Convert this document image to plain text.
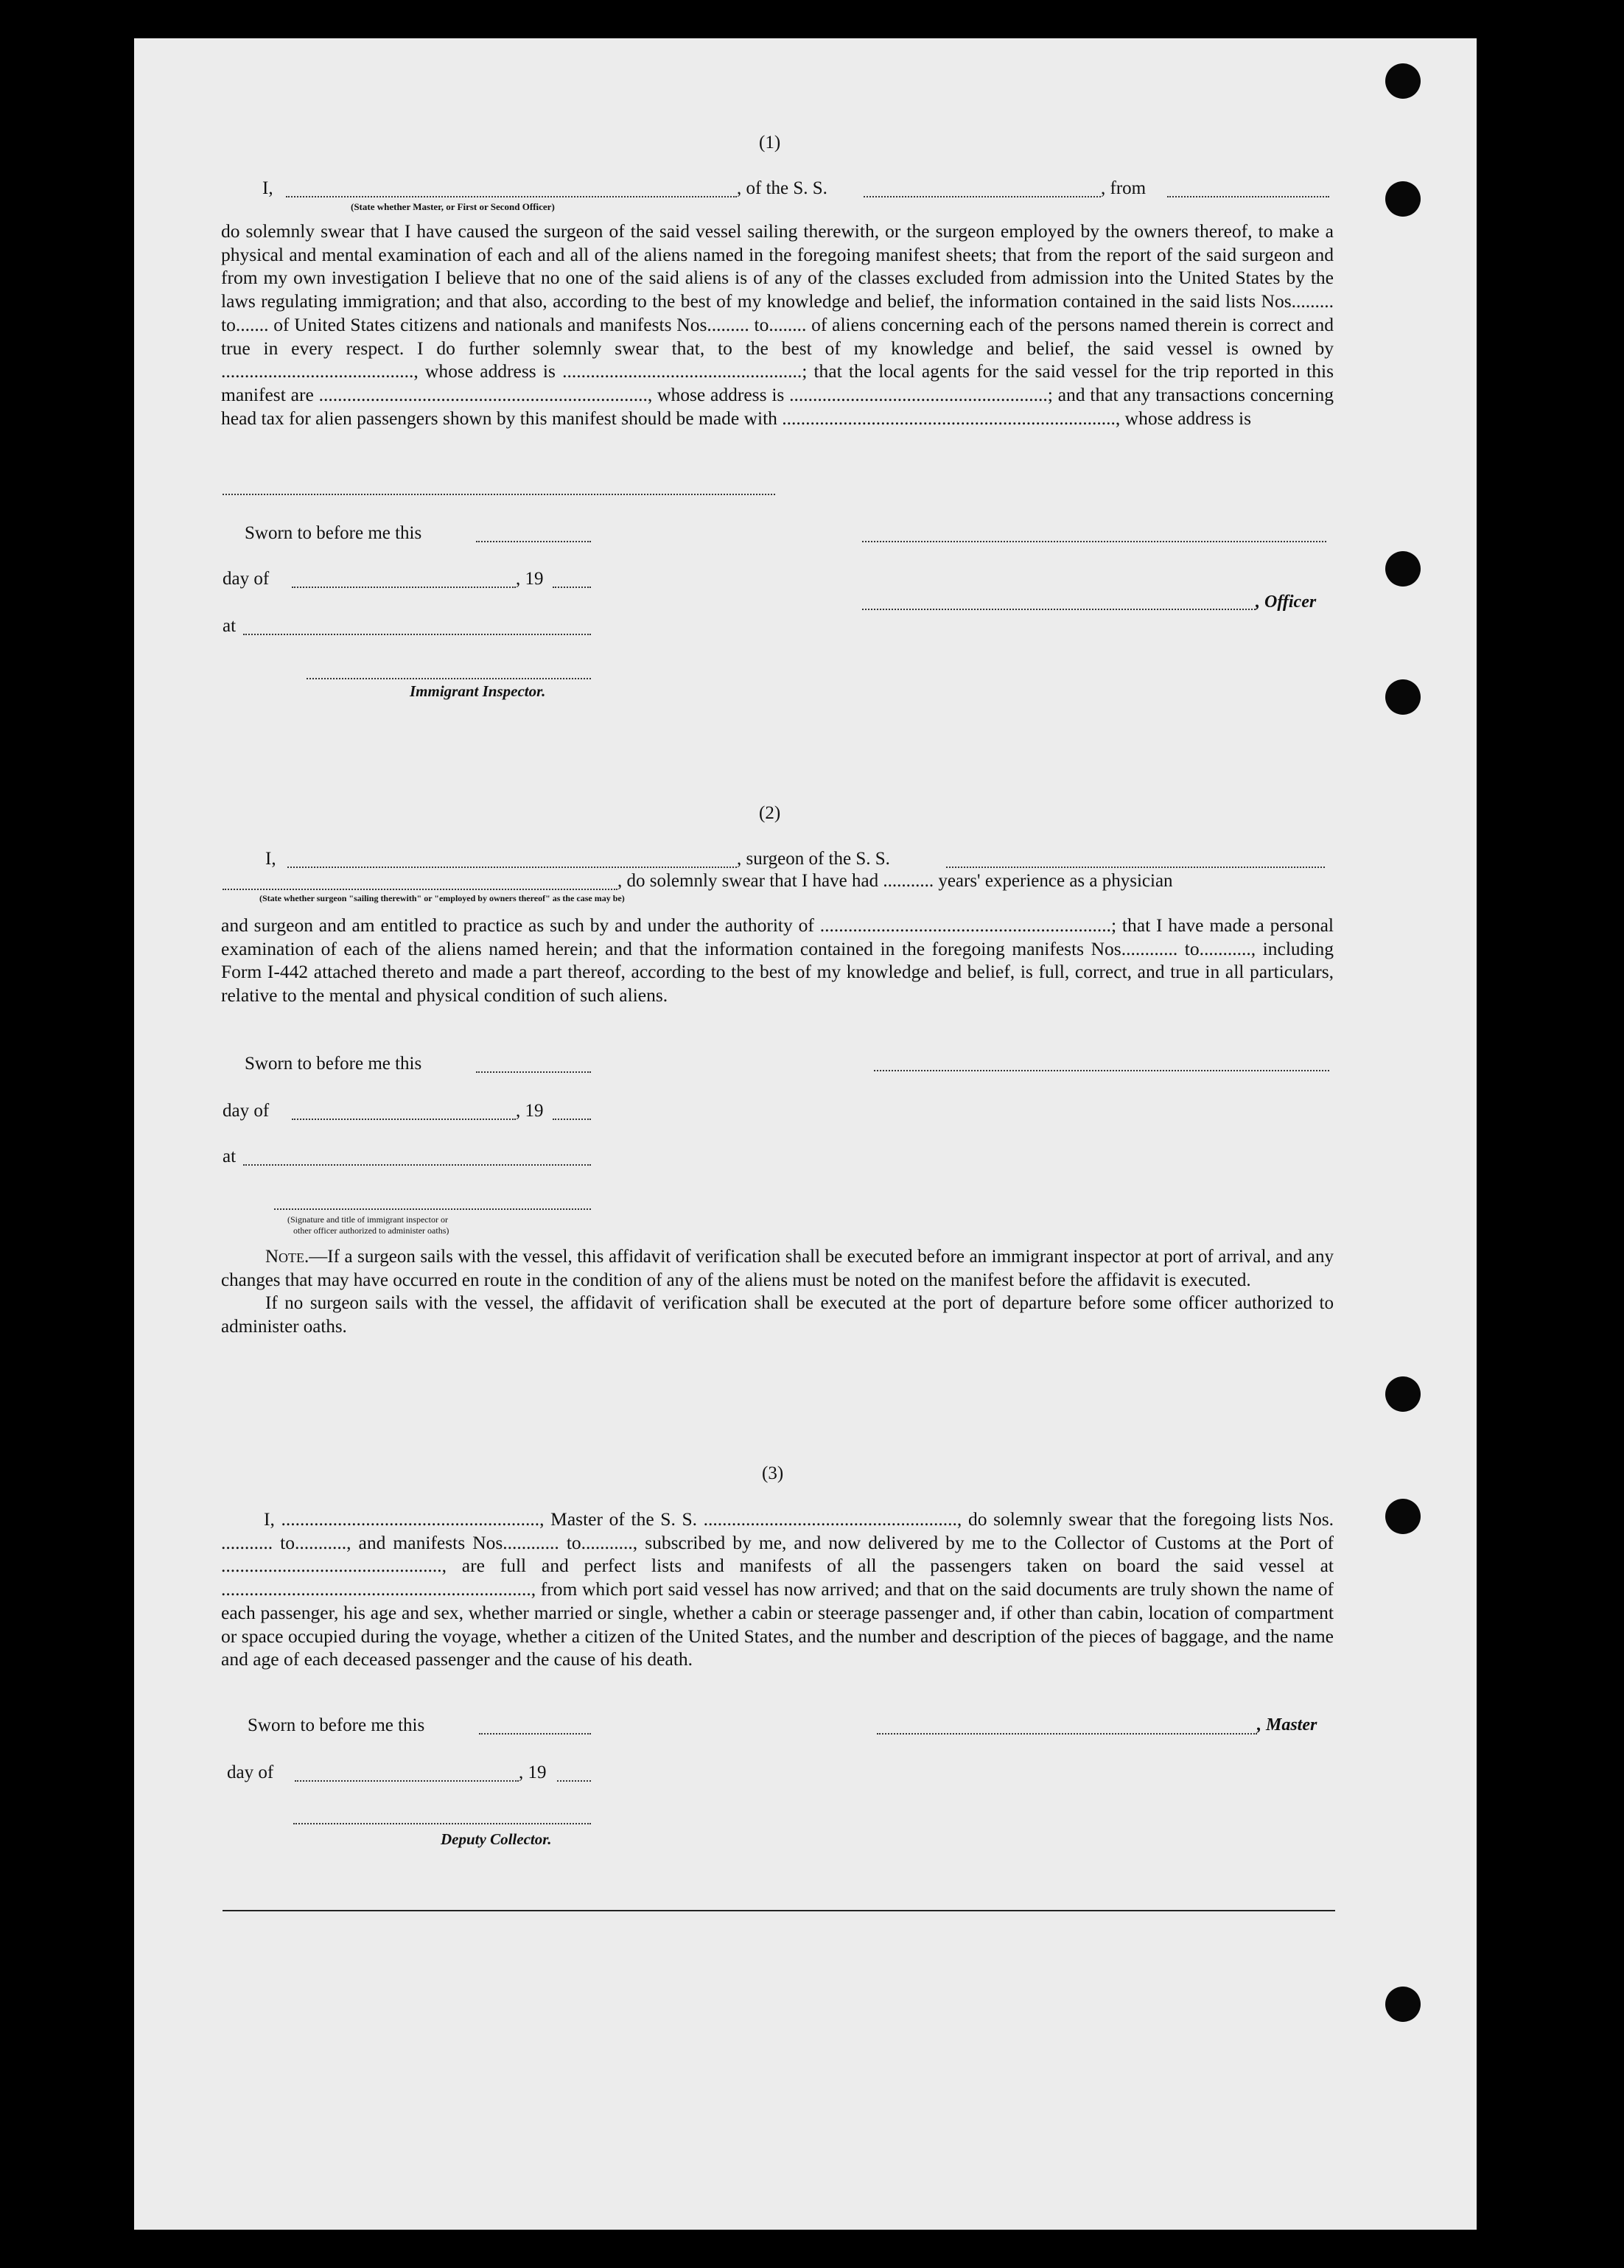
(1)
I,	, of the S. S.	, from
(State whether Master, or First or Second Officer)

do solemnly swear that I have caused the surgeon of the said vessel sailing therewith, or the surgeon employed by the owners thereof, to make a physical and mental examination of each and all of the aliens named in the foregoing manifest sheets; that from the report of the said surgeon and from my own investigation I believe that no one of the said aliens is of any of the classes excluded from admission into the United States by the laws regulating immigration; and that also, according to the best of my knowledge and belief, the information contained in the said lists Nos......... to....... of United States citizens and nationals and manifests Nos......... to........ of aliens concerning each of the persons named therein is correct and true in every respect. I do further solemnly swear that, to the best of my knowledge and belief, the said vessel is owned by ........................................., whose address is ...................................................; that the local agents for the said vessel for the trip reported in this manifest are ......................................................................, whose address is .......................................................; and that any transactions concerning head tax for alien passengers shown by this manifest should be made with ......................................................................., whose address is

Sworn to before me this
day of	, 19
, Officer
at
Immigrant Inspector.
(2)
I,	, surgeon of the S. S.
, do solemnly swear that I have had ........... years' experience as a physician
(State whether surgeon "sailing therewith" or "employed by owners thereof" as the case may be)

and surgeon and am entitled to practice as such by and under the authority of ..............................................................; that I have made a personal examination of each of the aliens named herein; and that the information contained in the foregoing manifests Nos............ to..........., including Form I-442 attached thereto and made a part thereof, according to the best of my knowledge and belief, is full, correct, and true in all particulars, relative to the mental and physical condition of such aliens.

Sworn to before me this
day of	, 19
at
(Signature and title of immigrant inspector or
other officer authorized to administer oaths)

Note.—If a surgeon sails with the vessel, this affidavit of verification shall be executed before an immigrant inspector at port of arrival, and any changes that may have occurred en route in the condition of any of the aliens must be noted on the manifest before the affidavit is executed.

If no surgeon sails with the vessel, the affidavit of verification shall be executed at the port of departure before some officer authorized to administer oaths.

(3)

I, ......................................................., Master of the S. S. ......................................................, do solemnly swear that the foregoing lists Nos. ........... to..........., and manifests Nos............ to..........., subscribed by me, and now delivered by me to the Collector of Customs at the Port of ..............................................., are full and perfect lists and manifests of all the passengers taken on board the said vessel at .................................................................., from which port said vessel has now arrived; and that on the said documents are truly shown the name of each passenger, his age and sex, whether married or single, whether a cabin or steerage passenger and, if other than cabin, location of compartment or space occupied during the voyage, whether a citizen of the United States, and the number and description of the pieces of baggage, and the name and age of each deceased passenger and the cause of his death.

Sworn to before me this	, Master
day of	, 19
Deputy Collector.
